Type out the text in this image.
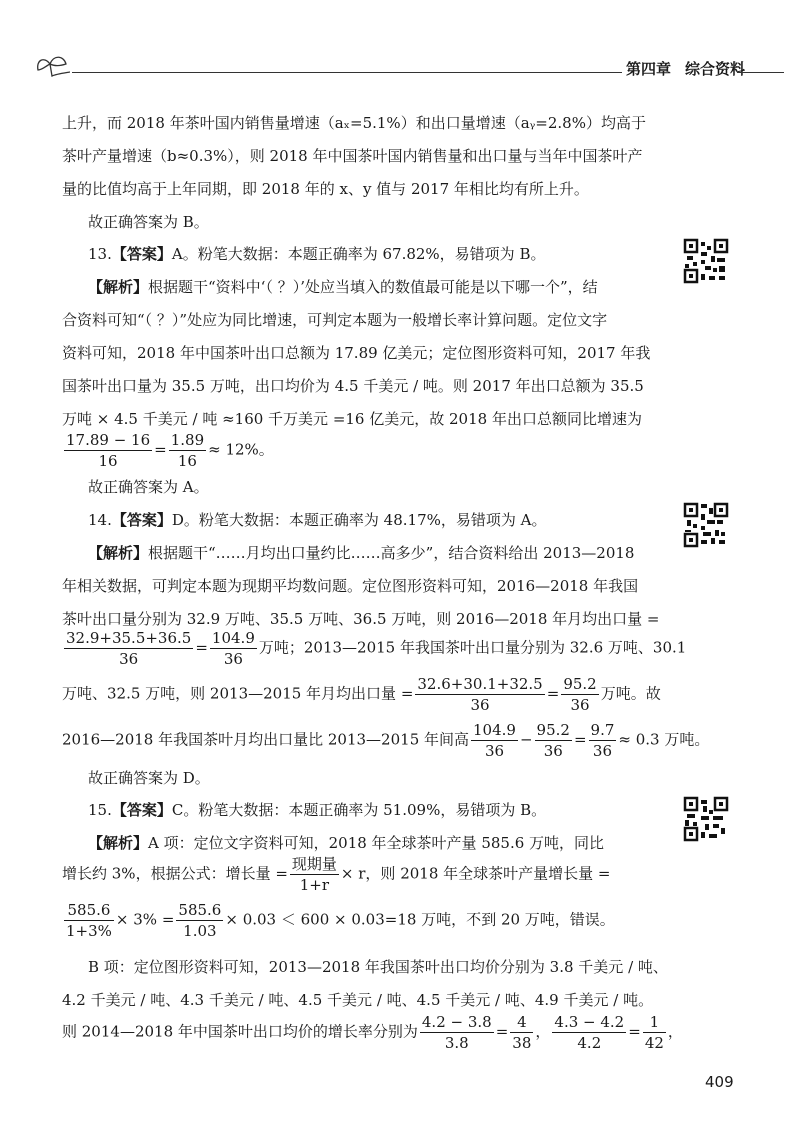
第四章 综合资料
上升，而 2018 年茶叶国内销售量增速（aₓ=5.1%）和出口量增速（aᵧ=2.8%）均高于
茶叶产量增速（b≈0.3%），则 2018 年中国茶叶国内销售量和出口量与当年中国茶叶产
量的比值均高于上年同期，即 2018 年的 x、y 值与 2017 年相比均有所上升。
故正确答案为 B。
13.【答案】A。粉笔大数据：本题正确率为 67.82%，易错项为 B。
【解析】根据题干“资料中‘（ ？）’处应当填入的数值最可能是以下哪一个”，结
合资料可知“（ ？）”处应为同比增速，可判定本题为一般增长率计算问题。定位文字
资料可知，2018 年中国茶叶出口总额为 17.89 亿美元；定位图形资料可知，2017 年我
国茶叶出口量为 35.5 万吨，出口均价为 4.5 千美元 / 吨。则 2017 年出口总额为 35.5
万吨 × 4.5 千美元 / 吨 ≈160 千万美元 =16 亿美元，故 2018 年出口总额同比增速为
$\frac{17.89 - 16}{16} = \frac{1.89}{16} \approx 12\%$。
故正确答案为 A。
14.【答案】D。粉笔大数据：本题正确率为 48.17%，易错项为 A。
【解析】根据题干“……月均出口量约比……高多少”，结合资料给出 2013—2018
年相关数据，可判定本题为现期平均数问题。定位图形资料可知，2016—2018 年我国
茶叶出口量分别为 32.9 万吨、35.5 万吨、36.5 万吨，则 2016—2018 年月均出口量 =
$\frac{32.9+35.5+36.5}{36} = \frac{104.9}{36}$ 万吨；2013—2015 年我国茶叶出口量分别为 32.6 万吨、30.1
万吨、32.5 万吨，则 2013—2015 年月均出口量 = $\frac{32.6+30.1+32.5}{36} = \frac{95.2}{36}$ 万吨。故
2016—2018 年我国茶叶月均出口量比 2013—2015 年间高 $\frac{104.9}{36} - \frac{95.2}{36} = \frac{9.7}{36} \approx 0.3$ 万吨。
故正确答案为 D。
15.【答案】C。粉笔大数据：本题正确率为 51.09%，易错项为 B。
【解析】A 项：定位文字资料可知，2018 年全球茶叶产量 585.6 万吨，同比
增长约 3%，根据公式：增长量 = $\frac{\text{现期量}}{1+r} \times r$，则 2018 年全球茶叶产量增长量 =
$\frac{585.6}{1+3\%} \times 3\% = \frac{585.6}{1.03} \times 0.03 < 600 \times 0.03=18$ 万吨，不到 20 万吨，错误。
B 项：定位图形资料可知，2013—2018 年我国茶叶出口均价分别为 3.8 千美元 / 吨、
4.2 千美元 / 吨、4.3 千美元 / 吨、4.5 千美元 / 吨、4.5 千美元 / 吨、4.9 千美元 / 吨。
则 2014—2018 年中国茶叶出口均价的增长率分别为 $\frac{4.2 - 3.8}{3.8} = \frac{4}{38}$ ， $\frac{4.3 - 4.2}{4.2} = \frac{1}{42}$ ，
409
